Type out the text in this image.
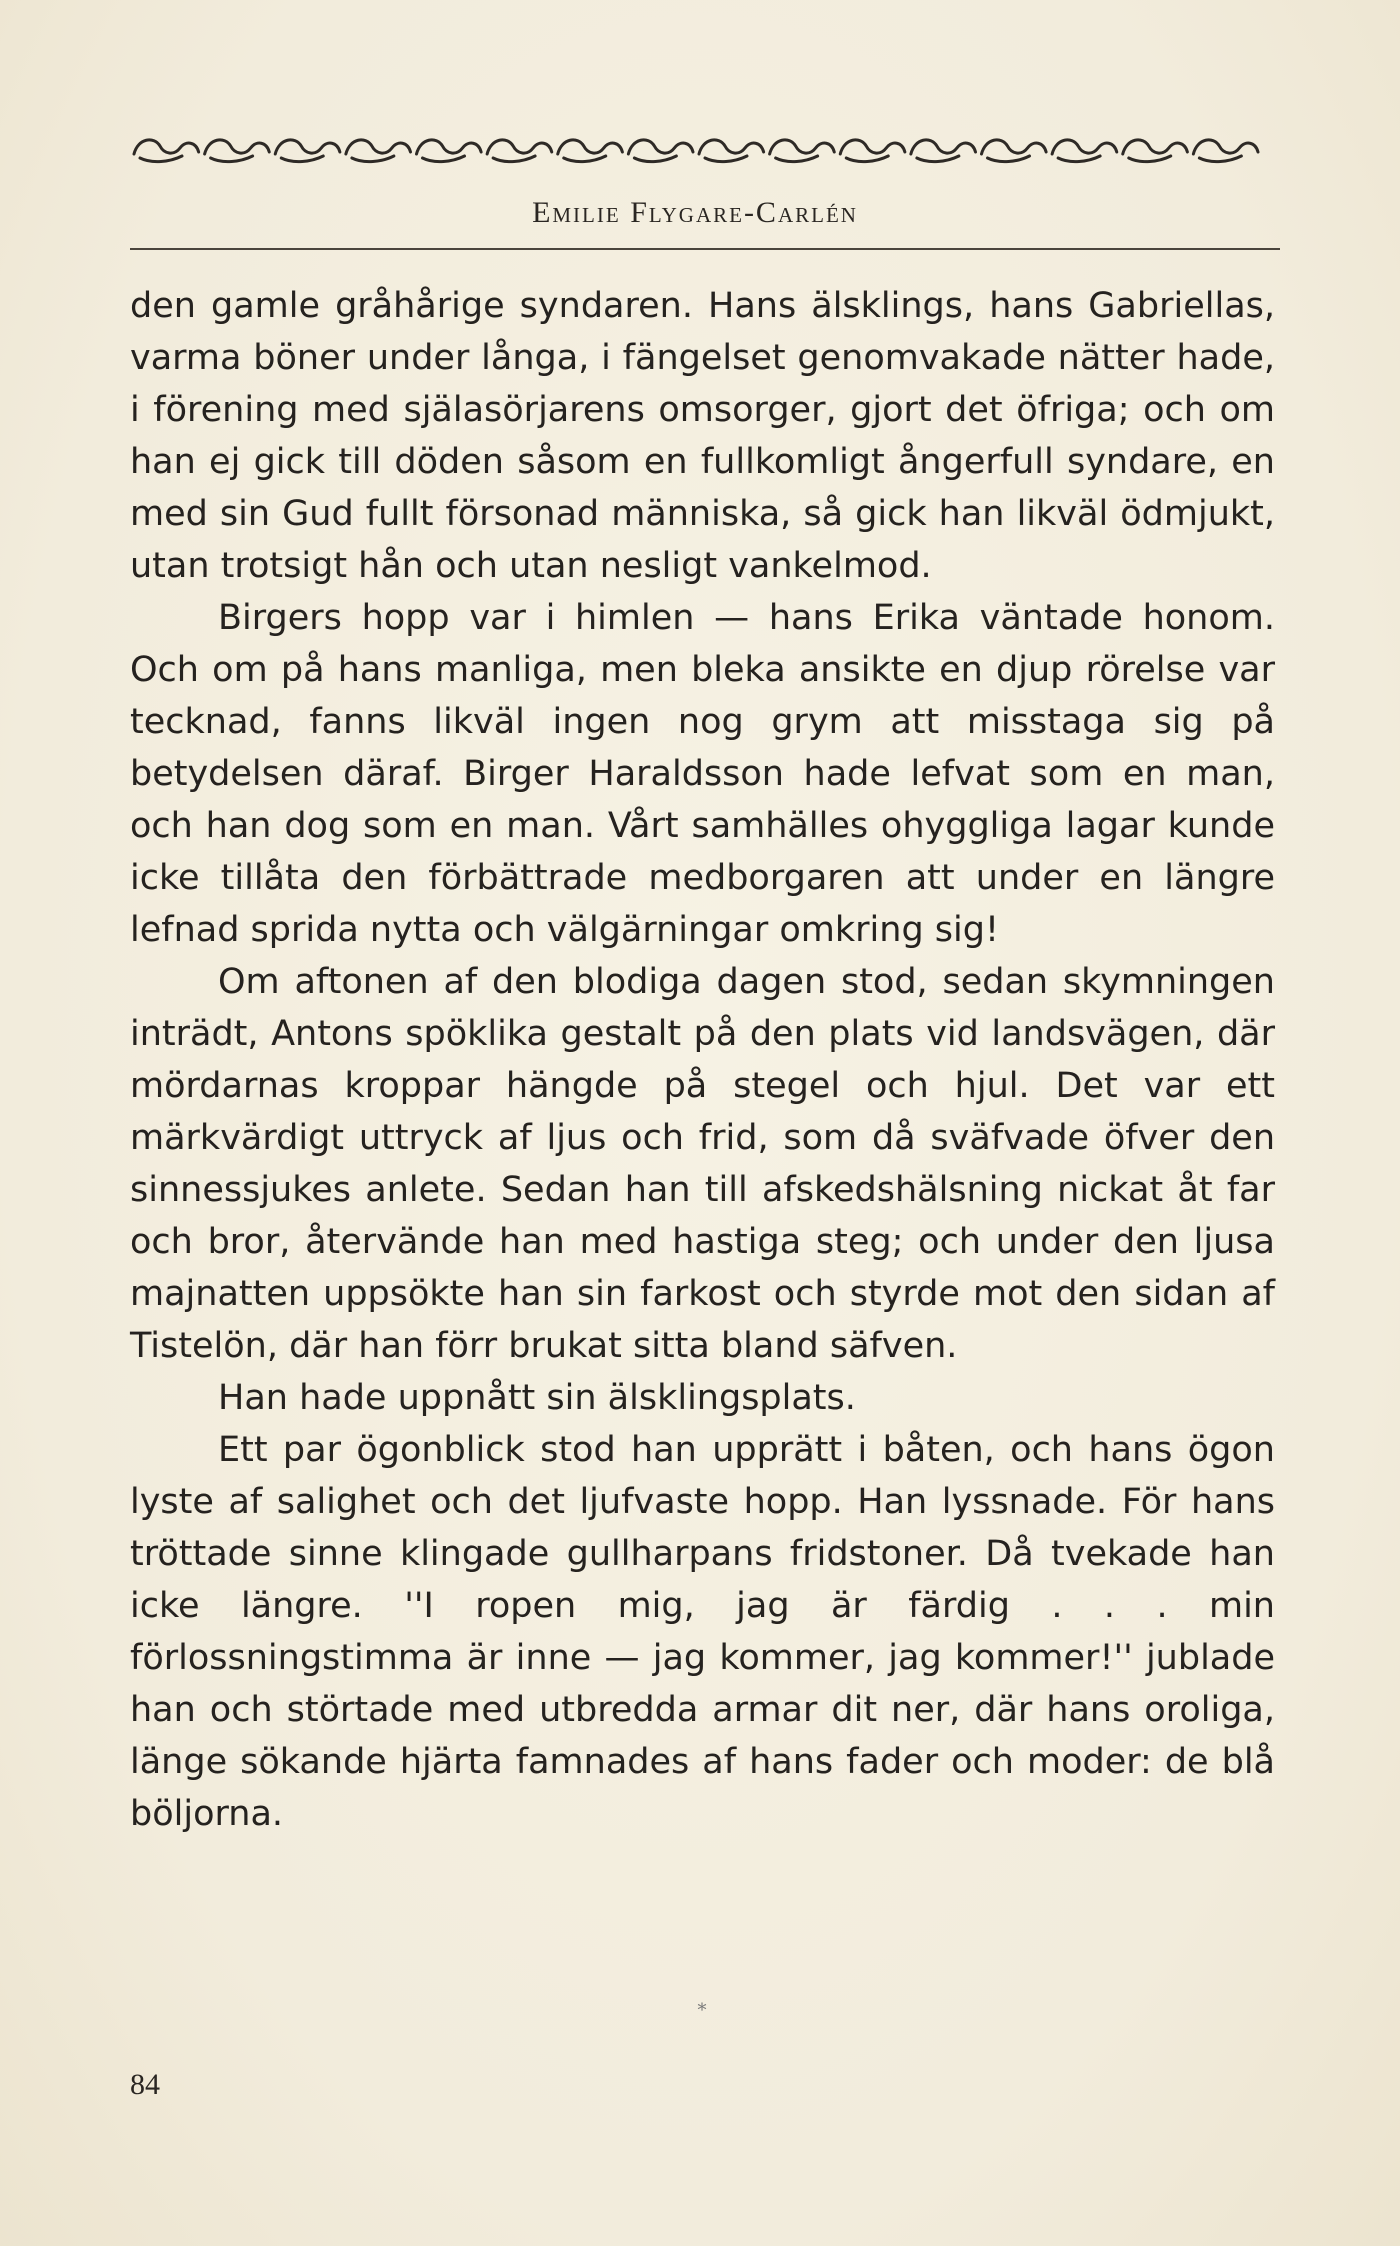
Emilie Flygare-Carlén

den gamle gråhårige syndaren. Hans älsklings, hans Gabriellas, varma böner under långa, i fängelset genomvakade nätter hade, i förening med själasörjarens omsorger, gjort det öfriga; och om han ej gick till döden såsom en fullkomligt ångerfull syndare, en med sin Gud fullt försonad människa, så gick han likväl ödmjukt, utan trotsigt hån och utan nesligt vankelmod.

Birgers hopp var i himlen — hans Erika väntade honom. Och om på hans manliga, men bleka ansikte en djup rörelse var tecknad, fanns likväl ingen nog grym att misstaga sig på betydelsen däraf. Birger Haraldsson hade lefvat som en man, och han dog som en man. Vårt samhälles ohyggliga lagar kunde icke tillåta den förbättrade medborgaren att under en längre lefnad sprida nytta och välgärningar omkring sig!

Om aftonen af den blodiga dagen stod, sedan skymningen inträdt, Antons spöklika gestalt på den plats vid landsvägen, där mördarnas kroppar hängde på stegel och hjul. Det var ett märkvärdigt uttryck af ljus och frid, som då sväfvade öfver den sinnessjukes anlete. Sedan han till afskedshälsning nickat åt far och bror, återvände han med hastiga steg; och under den ljusa majnatten uppsökte han sin farkost och styrde mot den sidan af Tistelön, där han förr brukat sitta bland säfven.

Han hade uppnått sin älsklingsplats.

Ett par ögonblick stod han upprätt i båten, och hans ögon lyste af salighet och det ljufvaste hopp. Han lyssnade. För hans tröttade sinne klingade gullharpans fridstoner. Då tvekade han icke längre. ''I ropen mig, jag är färdig . . . min förlossningstimma är inne — jag kommer, jag kommer!'' jublade han och störtade med utbredda armar dit ner, där hans oroliga, länge sökande hjärta famnades af hans fader och moder: de blå böljorna.

*
84
